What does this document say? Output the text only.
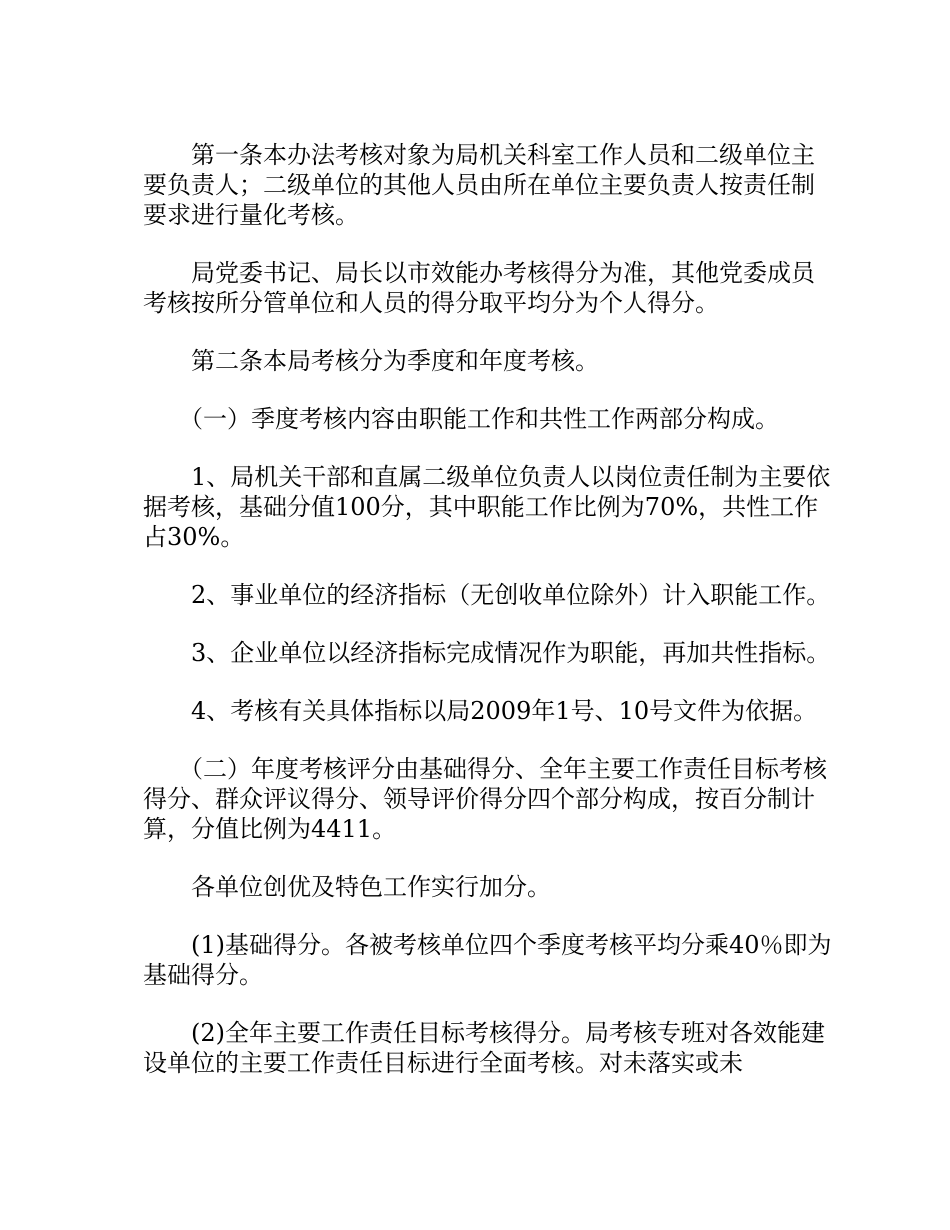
第一条本办法考核对象为局机关科室工作人员和二级单位主要负责人；二级单位的其他人员由所在单位主要负责人按责任制要求进行量化考核。

局党委书记、局长以市效能办考核得分为准，其他党委成员考核按所分管单位和人员的得分取平均分为个人得分。

第二条本局考核分为季度和年度考核。

（一）季度考核内容由职能工作和共性工作两部分构成。

1、局机关干部和直属二级单位负责人以岗位责任制为主要依据考核，基础分值100分，其中职能工作比例为70%，共性工作占30%。

2、事业单位的经济指标（无创收单位除外）计入职能工作。

3、企业单位以经济指标完成情况作为职能，再加共性指标。

4、考核有关具体指标以局2009年1号、10号文件为依据。

（二）年度考核评分由基础得分、全年主要工作责任目标考核得分、群众评议得分、领导评价得分四个部分构成，按百分制计算，分值比例为4411。

各单位创优及特色工作实行加分。

(1)基础得分。各被考核单位四个季度考核平均分乘40％即为基础得分。

(2)全年主要工作责任目标考核得分。局考核专班对各效能建设单位的主要工作责任目标进行全面考核。对未落实或未
